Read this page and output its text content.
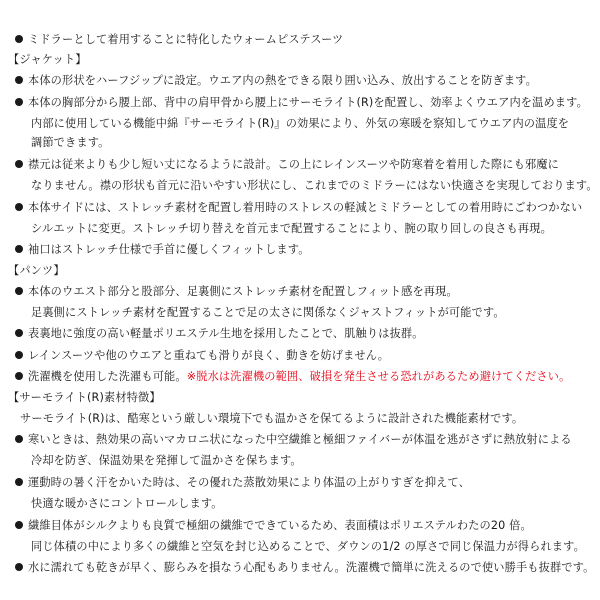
ミドラーとして着用することに特化したウォームピステスーツ
【ジャケット】
本体の形状をハーフジップに設定。ウエア内の熱をできる限り囲い込み、放出することを防ぎます。
本体の胸部分から腰上部、背中の肩甲骨から腰上にサーモライト(R)を配置し、効率よくウエア内を温めます。
内部に使用している機能中綿『サーモライト(R)』の効果により、外気の寒暖を察知してウエア内の温度を
調節できます。
襟元は従来よりも少し短い丈になるように設計。この上にレインスーツや防寒着を着用した際にも邪魔に
なりません。襟の形状も首元に沿いやすい形状にし、これまでのミドラーにはない快適さを実現しております。
本体サイドには、ストレッチ素材を配置し着用時のストレスの軽減とミドラーとしての着用時にごわつかない
シルエットに変更。ストレッチ切り替えを首元まで配置することにより、腕の取り回しの良さも再現。
袖口はストレッチ仕様で手首に優しくフィットします。
【パンツ】
本体のウエスト部分と股部分、足裏側にストレッチ素材を配置しフィット感を再現。
足裏側にストレッチ素材を配置することで足の太さに関係なくジャストフィットが可能です。
表裏地に強度の高い軽量ポリエステル生地を採用したことで、肌触りは抜群。
レインスーツや他のウエアと重ねても滑りが良く、動きを妨げません。
洗濯機を使用した洗濯も可能。※脱水は洗濯機の範囲、破損を発生させる恐れがあるため避けてください。
【サーモライト(R)素材特徴】
サーモライト(R)は、酷寒という厳しい環境下でも温かさを保てるように設計された機能素材です。
寒いときは、熱効果の高いマカロニ状になった中空繊維と極細ファイバーが体温を逃がさずに熱放射による
冷却を防ぎ、保温効果を発揮して温かさを保ちます。
運動時の暑く汗をかいた時は、その優れた蒸散効果により体温の上がりすぎを抑えて、
快適な暖かさにコントロールします。
繊維目体がシルクよりも良質で極細の繊維でできているため、表面積はポリエステルわたの20 倍。
同じ体積の中により多くの繊維と空気を封じ込めることで、ダウンの1/2 の厚さで同じ保温力が得られます。
水に濡れても乾きが早く、膨らみを損なう心配もありません。洗濯機で簡単に洗えるので使い勝手も抜群です。
